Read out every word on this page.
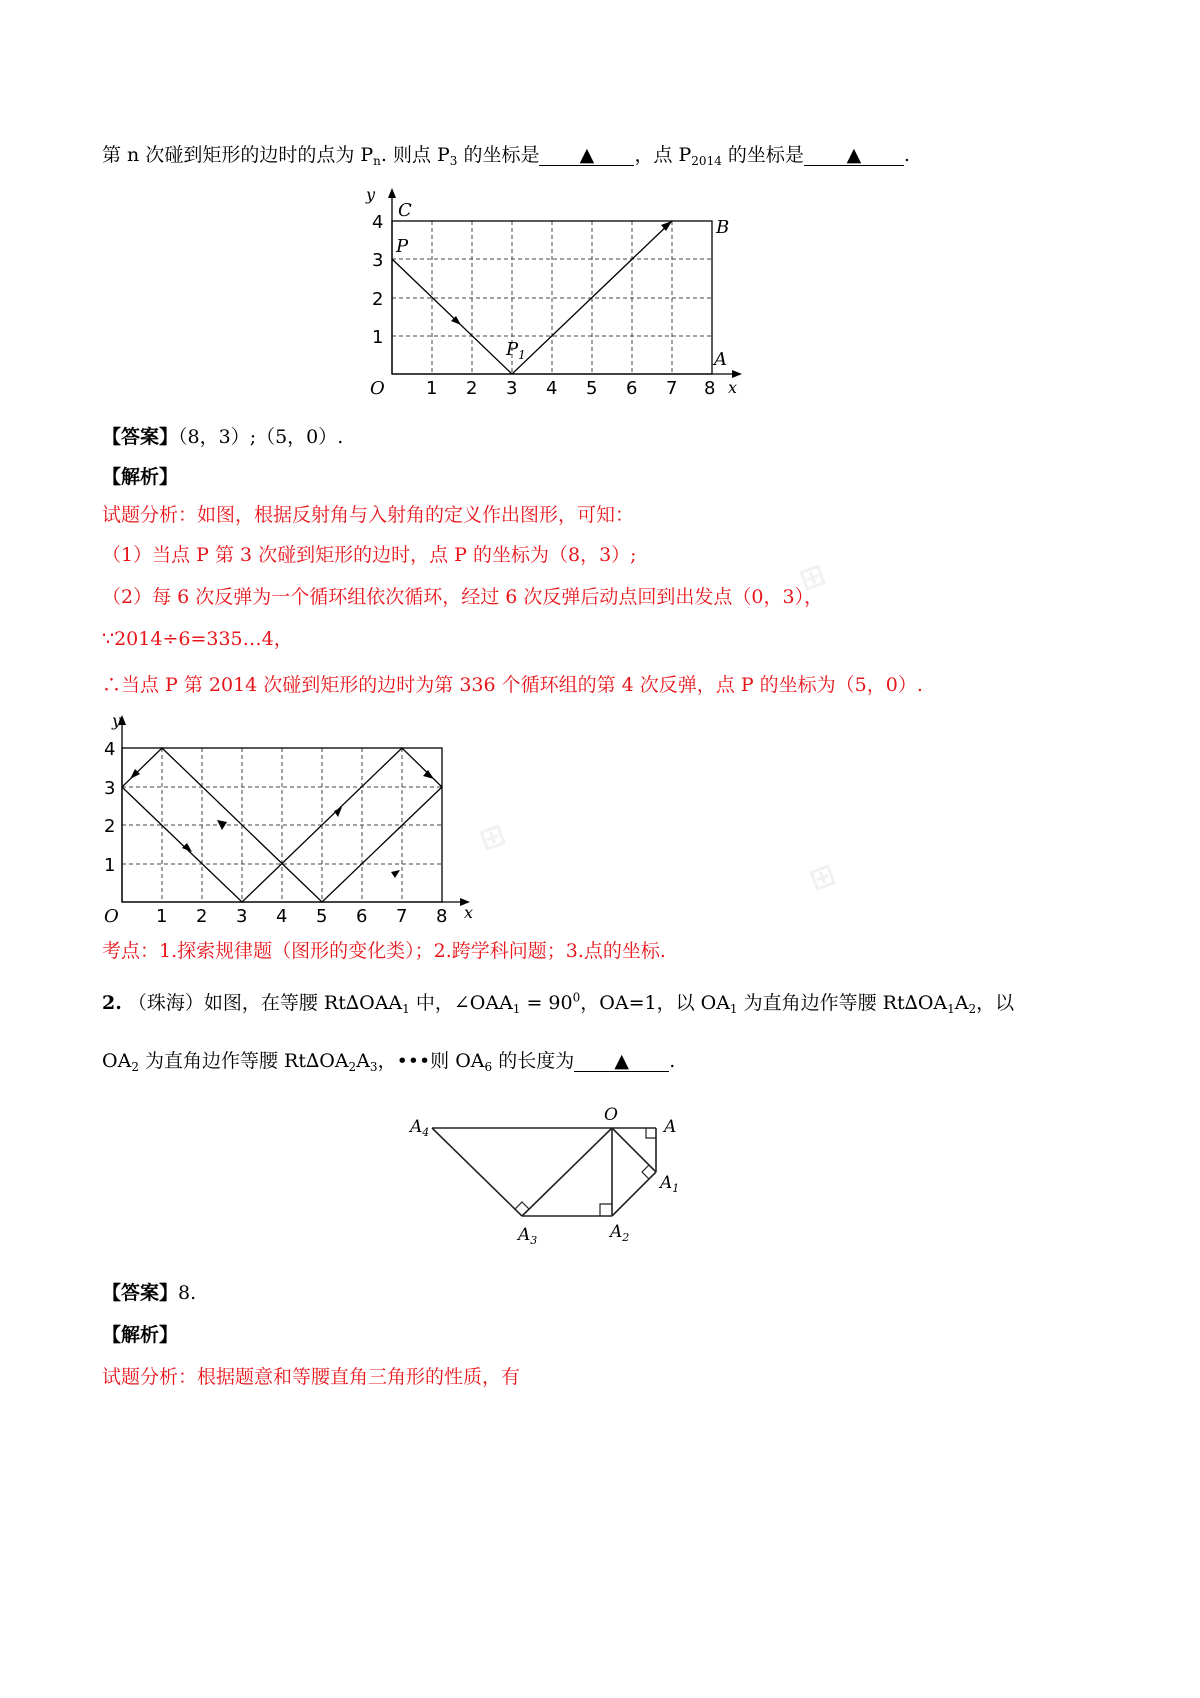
⊞
⊞
⊞
第 n 次碰到矩形的边时的点为 $P_n$. 则点 $P_3$ 的坐标是 ▲ ，点 $P_{2014}$ 的坐标是 ▲ .
1 2 3 4 5 6 7 8
1
2
3
4
O	x
y
C
B
A
P
$P_1$
【答案】（8，3）;（5，0）.
【解析】
试题分析：如图，根据反射角与入射角的定义作出图形，可知：
（1）当点 P 第 3 次碰到矩形的边时，点 P 的坐标为（8，3）;
（2）每 6 次反弹为一个循环组依次循环，经过 6 次反弹后动点回到出发点（0，3），
∵2014÷6=335…4，
∴当点 P 第 2014 次碰到矩形的边时为第 336 个循环组的第 4 次反弹，点 P 的坐标为（5，0）.
1 2 3 4 5 6 7 8
1
2
3
4
O	x
y
考点：1.探索规律题（图形的变化类）；2.跨学科问题；3.点的坐标.
2. （珠海）如图，在等腰 $Rt\Delta OAA_1$ 中，$\angle OAA_1 = 90^0$，OA=1，以 $OA_1$ 为直角边作等腰 $Rt\Delta OA_1A_2$，以
$OA_2$ 为直角边作等腰 $Rt\Delta OA_2A_3$，•••则 $OA_6$ 的长度为 ▲ .
O
A
$A_1$
$A_2$
$A_3$
$A_4$
【答案】8.
【解析】
试题分析：根据题意和等腰直角三角形的性质，有
